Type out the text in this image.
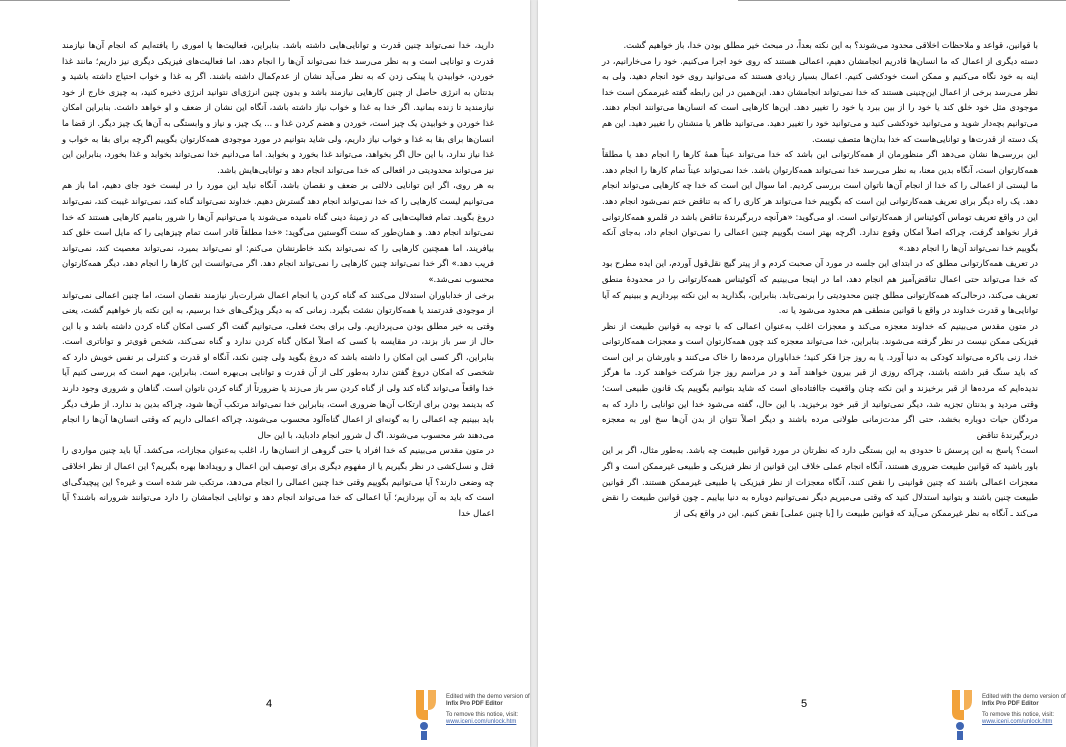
دارید، خدا نمی‌تواند چنین قدرت و توانایی‌هایی داشته باشد. بنابراین، فعالیت‌ها یا اموری را یافته‌ایم که انجام آن‌ها نیازمند قدرت و توانایی است و به نظر می‌رسد خدا نمی‌تواند آن‌ها را انجام دهد، اما فعالیت‌های فیزیکی دیگری نیز داریم؛ مانند غذا خوردن، خوابیدن یا پینکی زدن که به نظر می‌آید نشان از عدم‌کمال داشته باشند. اگر به غذا و خواب احتیاج داشته باشید و بدنتان به انرژی حاصل از چنین کارهایی نیازمند باشد و بدون چنین انرژی‌ای نتوانید انرژی ذخیره کنید، به چیزی خارج از خود نیازمندید تا زنده بمانید. اگر خدا به غذا و خواب نیاز داشته باشد، آنگاه این نشان از ضعف و او خواهد داشت. بنابراین امکان غذا خوردن و خوابیدن یک چیز است، خوردن و هضم کردن غذا و ... یک چیز، و نیاز و وابستگی به آن‌ها یک چیز دیگر. از قضا ما انسان‌ها برای بقا به غذا و خواب نیاز داریم، ولی شاید بتوانیم در مورد موجودی همه‌کارتوان بگوییم اگرچه برای بقا به خواب و غذا نیاز ندارد، با این حال اگر بخواهد، می‌تواند غذا بخورد و بخوابد. اما می‌دانیم خدا نمی‌تواند بخوابد و غذا بخورد، بنابراین این نیز می‌تواند محدودیتی در افعالی که خدا می‌تواند انجام دهد و توانایی‌هایش باشد.

به هر روی، اگر این توانایی دلالتی بر ضعف و نقصان باشد، آنگاه نباید این مورد را در لیست خود جای دهیم، اما باز هم می‌توانیم لیست کارهایی را که خدا نمی‌تواند انجام دهد گسترش دهیم. خداوند نمی‌تواند گناه کند، نمی‌تواند غیبت کند، نمی‌تواند دروغ بگوید. تمام فعالیت‌هایی که در زمینهٔ دینی گناه نامیده می‌شوند یا می‌توانیم آن‌ها را شرور بنامیم کارهایی هستند که خدا نمی‌تواند انجام دهد. و همان‌طور که سنت آگوستین می‌گوید: «خدا مطلقاً قادر است تمام چیزهایی را که مایل است خلق کند بیافریند، اما همچنین کارهایی را که نمی‌تواند بکند خاطرنشان می‌کنم: او نمی‌تواند بمیرد، نمی‌تواند معصیت کند، نمی‌تواند فریب دهد.» اگر خدا نمی‌تواند چنین کارهایی را نمی‌تواند انجام دهد. اگر می‌توانست این کارها را انجام دهد، دیگر همه‌کارتوان محسوب نمی‌شد.»

برخی از خداباوران استدلال می‌کنند که گناه کردن یا انجام اعمال شرارت‌بار نیازمند نقصان است، اما چنین اعمالی نمی‌تواند از موجودی قدرتمند یا همه‌کارتوان نشئت بگیرد. زمانی که به دیگر ویژگی‌های خدا برسیم، به این نکته باز خواهیم گشت، یعنی وقتی به خیر مطلق بودن می‌پردازیم. ولی برای بحث فعلی، می‌توانیم گفت اگر کسی امکان گناه کردن داشته باشد و با این حال از سر باز بزند، در مقایسه با کسی که اصلاً امکان گناه کردن ندارد و گناه نمی‌کند، شخص قوی‌تر و تواناتری است. بنابراین، اگر کسی این امکان را داشته باشد که دروغ بگوید ولی چنین نکند، آنگاه او قدرت و کنترلی بر نفس خویش دارد که شخصی که امکان دروغ گفتن ندارد به‌طور کلی از آن قدرت و توانایی بی‌بهره است. بنابراین، مهم است که بررسی کنیم آیا خدا واقعاً می‌تواند گناه کند ولی از گناه کردن سر باز می‌زند یا ضرورتاً از گناه کردن ناتوان است. گناهان و شروری وجود دارند که بدینمد بودن برای ارتکاب آن‌ها ضروری است، بنابراین خدا نمی‌تواند مرتکب آن‌ها شود، چراکه بدین بد ندارد. از طرف دیگر باید ببینیم چه اعمالی را به گونه‌ای از اعمال گناه‌آلود محسوب می‌شوند، چراکه اعمالی داریم که وقتی انسان‌ها آن‌ها را انجام می‌دهند شر محسوب می‌شوند. اگ ل شرور انجام دادباید، با این حال

در متون مقدس می‌بینیم که خدا افراد یا حتی گروهی از انسان‌ها را، اغلب به‌عنوان مجازات، می‌کشد. آیا باید چنین مواردی را قتل و نسل‌کشی در نظر بگیریم یا از مفهوم دیگری برای توصیف این اعمال و رویدادها بهره بگیریم؟ این اعمال از نظر اخلاقی چه وضعی دارند؟ آیا می‌توانیم بگوییم وقتی خدا چنین اعمالی را انجام می‌دهد، مرتکب شر شده است و غیره؟ این پیچیدگی‌ای است که باید به آن بپردازیم؛ آیا اعمالی که خدا می‌تواند انجام دهد و توانایی انجامشان را دارد می‌توانند شرورانه باشند؟ آیا اعمال خدا

4
Edited with the demo version of
Infix Pro PDF Editor
To remove this notice, visit:
www.iceni.com/unlock.htm

با قوانین، قواعد و ملاحظات اخلاقی محدود می‌شوند؟ به این نکته بعداً، در مبحث خیر مطلق بودن خدا، باز خواهیم گشت.

دسته دیگری از اعمال که ما انسان‌ها قادریم انجامشان دهیم، اعمالی هستند که روی خود اجرا می‌کنیم. خود را می‌خارانیم، در اینه به خود نگاه می‌کنیم و ممکن است خودکشی کنیم. اعمال بسیار زیادی هستند که می‌توانید روی خود انجام دهید. ولی به نظر می‌رسد برخی از اعمال این‌چنینی هستند که خدا نمی‌تواند انجامشان دهد. این‌همین در این رابطه گفته غیرممکن است خدا موجودی مثل خود خلق کند یا خود را از بین ببرد یا خود را تغییر دهد. این‌ها کارهایی است که انسان‌ها می‌توانند انجام دهند. می‌توانیم بچه‌دار شوید و می‌توانید خودکشی کنید و می‌توانید خود را تغییر دهید. می‌توانید ظاهر یا منشتان را تغییر دهید. این هم یک دسته از قدرت‌ها و توانایی‌هاست که خدا بدان‌ها متصف نیست.

این بررسی‌ها نشان می‌دهد اگر منظورمان از همه‌کارتوانی این باشد که خدا می‌تواند عیناً همهٔ کارها را انجام دهد یا مطلقاً همه‌کارتوان است، آنگاه بدین معنا، به نظر می‌رسد خدا نمی‌تواند همه‌کارتوان باشد. خدا نمی‌تواند عیناً تمام کارها را انجام دهد. ما لیستی از اعمالی را که خدا از انجام آن‌ها ناتوان است بررسی کردیم. اما سوال این است که خدا چه کارهایی می‌تواند انجام دهد. یک راه دیگر برای تعریف همه‌کارتوانی این است که بگوییم خدا می‌تواند هر کاری را که به تناقض ختم نمی‌شود انجام دهد. این در واقع تعریف توماس آکوئیناس از همه‌کارتوانی است. او می‌گوید: «هرآنچه دربرگیرندهٔ تناقض باشد در قلمرو همه‌کارتوانی قرار نخواهد گرفت، چراکه اصلاً امکان وقوع ندارد. اگرچه بهتر است بگوییم چنین اعمالی را نمی‌توان انجام داد، به‌جای آنکه بگوییم خدا نمی‌تواند آن‌ها را انجام دهد.»

در تعریف همه‌کارتوانی مطلق که در ابتدای این جلسه در مورد آن صحبت کردم و از پیتر گیچ نقل‌قول آوردم، این ایده مطرح بود که خدا می‌تواند حتی اعمال تناقض‌آمیز هم انجام دهد، اما در اینجا می‌بینیم که آکوئیناس همه‌کارتوانی را در محدودهٔ منطق تعریف می‌کند، درحالی‌که همه‌کارتوانی مطلق چنین محدودیتی را برنمی‌تابد. بنابراین، بگذارید به این نکته بپردازیم و ببینیم که آیا توانایی‌ها و قدرت خداوند در واقع با قوانین منطقی هم محدود می‌شود یا نه.

در متون مقدس می‌بینیم که خداوند معجزه می‌کند و معجزات اغلب به‌عنوان اعمالی که با توجه به قوانین طبیعت از نظر فیزیکی ممکن نیست در نظر گرفته می‌شوند. بنابراین، خدا می‌تواند معجزه کند چون همه‌کارتوان است و معجزات همه‌کارتوانی خدا، زنی باکره می‌تواند کودکی به دنیا آورد. یا به روز جزا فکر کنید؛ خداباوران مرده‌ها را خاک می‌کنند و باورشان بر این است که باید سنگ قبر داشته باشند، چراکه روزی از قبر بیرون خواهند آمد و در مراسم روز جزا شرکت خواهند کرد. ما هرگز ندیده‌ایم که مرده‌ها از قبر برخیزند و این نکته چنان واقعیت جاافتاده‌ای است که شاید بتوانیم بگوییم یک قانون طبیعی است؛ وقتی مردید و بدنتان تجزیه شد، دیگر نمی‌توانید از قبر خود برخیزید. با این حال، گفته می‌شود خدا این توانایی را دارد که به مردگان حیات دوباره بخشد، حتی اگر مدت‌زمانی طولانی مرده باشند و دیگر اصلاً نتوان از بدن آن‌ها سخ اور به معجزه دربرگیرندهٔ تناقض

است؟ پاسخ به این پرسش تا حدودی به این بستگی دارد که نظرتان در مورد قوانین طبیعت چه باشد. به‌طور مثال، اگر بر این باور باشید که قوانین طبیعت ضروری هستند، آنگاه انجام عملی خلاف این قوانین از نظر فیزیکی و طبیعی غیرممکن است و اگر معجزات اعمالی باشند که چنین قوانینی را نقض کنند، آنگاه معجزات از نظر فیزیکی یا طبیعی غیرممکن هستند. اگر قوانین طبیعت چنین باشند و بتوانید استدلال کنید که وقتی می‌میریم دیگر نمی‌توانیم دوباره به دنیا بیاییم ـ چون قوانین طبیعت را نقض می‌کند ـ آنگاه به نظر غیرممکن می‌آید که قوانین طبیعت را [با چنین عملی] نقض کنیم. این در واقع یکی از

5
Edited with the demo version of
Infix Pro PDF Editor
To remove this notice, visit:
www.iceni.com/unlock.htm
